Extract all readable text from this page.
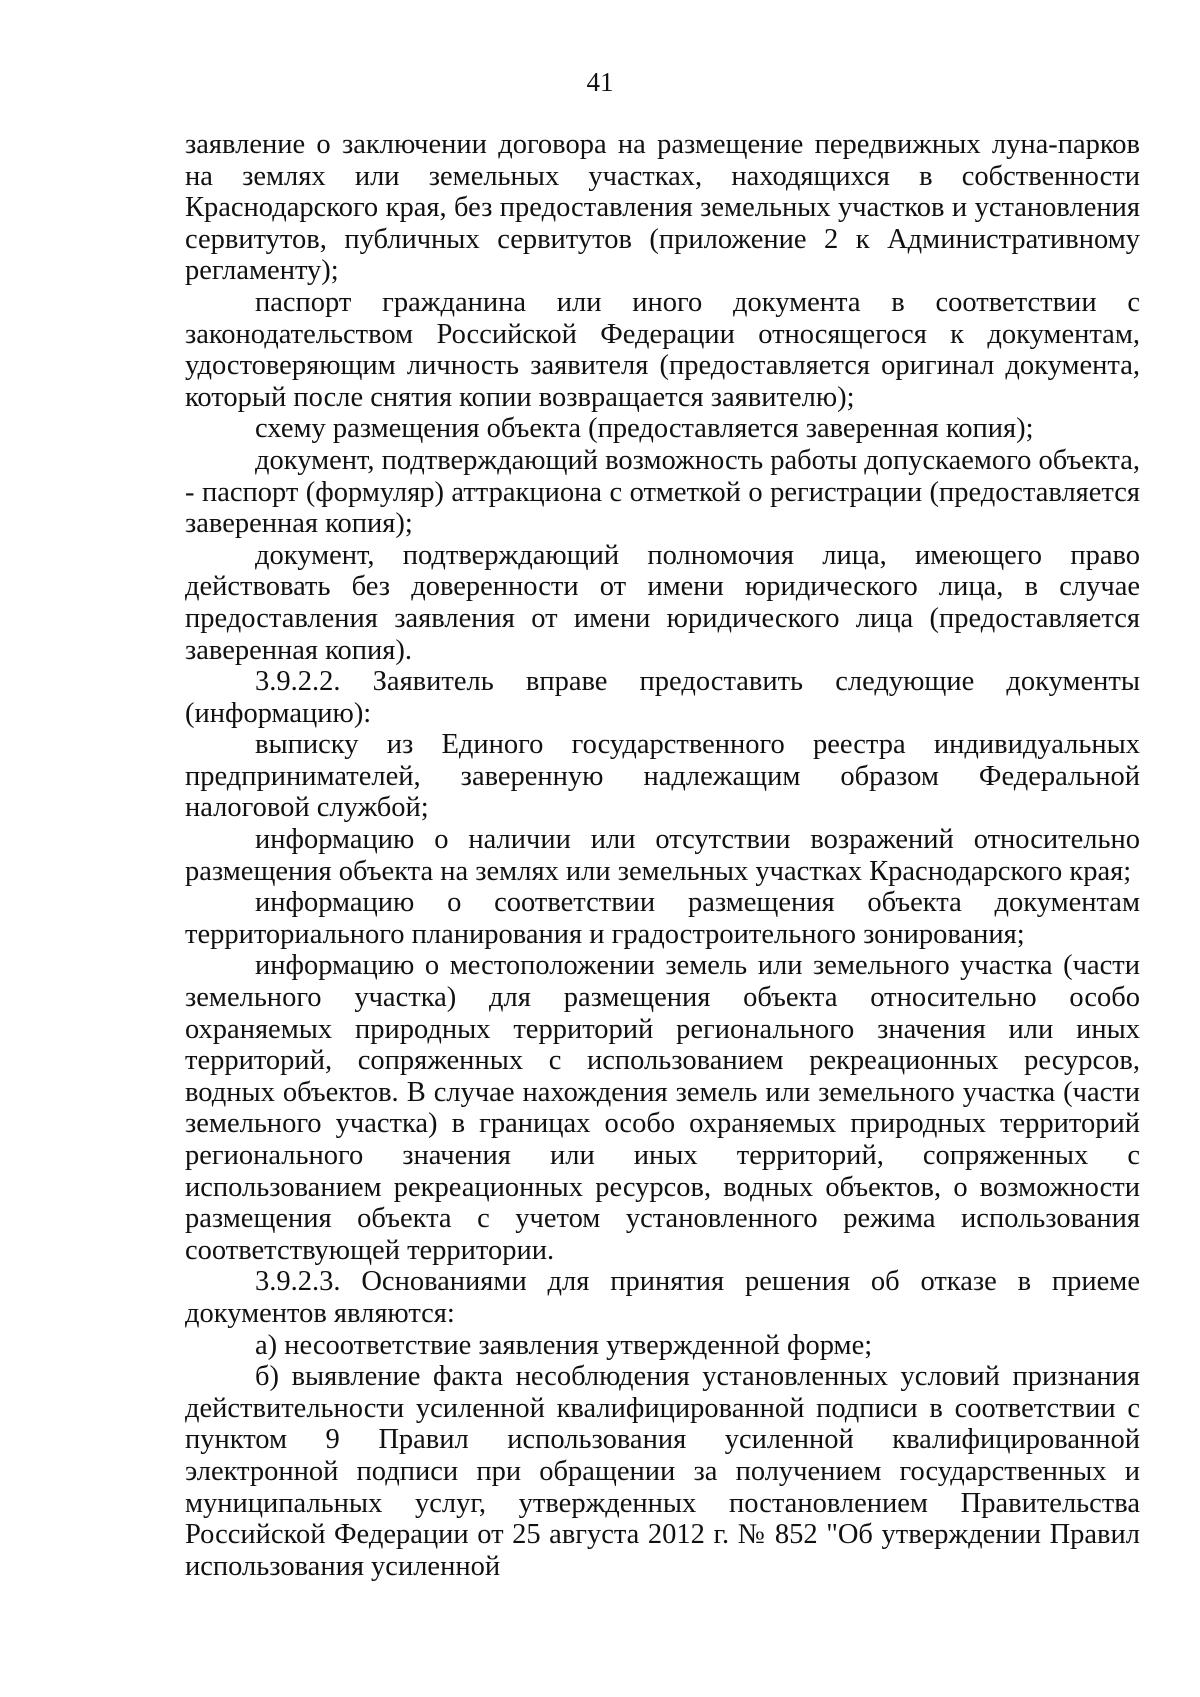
41

заявление о заключении договора на размещение передвижных луна-парков на землях или земельных участках, находящихся в собственности Краснодарского края, без предоставления земельных участков и установления сервитутов, публичных сервитутов (приложение 2 к Административному регламенту);

паспорт гражданина или иного документа в соответствии с законодательством Российской Федерации относящегося к документам, удостоверяющим личность заявителя (предоставляется оригинал документа, который после снятия копии возвращается заявителю);

схему размещения объекта (предоставляется заверенная копия);

документ, подтверждающий возможность работы допускаемого объекта, - паспорт (формуляр) аттракциона с отметкой о регистрации (предоставляется заверенная копия);

документ, подтверждающий полномочия лица, имеющего право действовать без доверенности от имени юридического лица, в случае предоставления заявления от имени юридического лица (предоставляется заверенная копия).

3.9.2.2. Заявитель вправе предоставить следующие документы (информацию):

выписку из Единого государственного реестра индивидуальных предпринимателей, заверенную надлежащим образом Федеральной налоговой службой;

информацию о наличии или отсутствии возражений относительно размещения объекта на землях или земельных участках Краснодарского края;

информацию о соответствии размещения объекта документам территориального планирования и градостроительного зонирования;

информацию о местоположении земель или земельного участка (части земельного участка) для размещения объекта относительно особо охраняемых природных территорий регионального значения или иных территорий, сопряженных с использованием рекреационных ресурсов, водных объектов. В случае нахождения земель или земельного участка (части земельного участка) в границах особо охраняемых природных территорий регионального значения или иных территорий, сопряженных с использованием рекреационных ресурсов, водных объектов, о возможности размещения объекта с учетом установленного режима использования соответствующей территории.

3.9.2.3. Основаниями для принятия решения об отказе в приеме документов являются:

а) несоответствие заявления утвержденной форме;

б) выявление факта несоблюдения установленных условий признания действительности усиленной квалифицированной подписи в соответствии с пунктом 9 Правил использования усиленной квалифицированной электронной подписи при обращении за получением государственных и муниципальных услуг, утвержденных постановлением Правительства Российской Федерации от 25 августа 2012 г. № 852 "Об утверждении Правил использования усиленной
